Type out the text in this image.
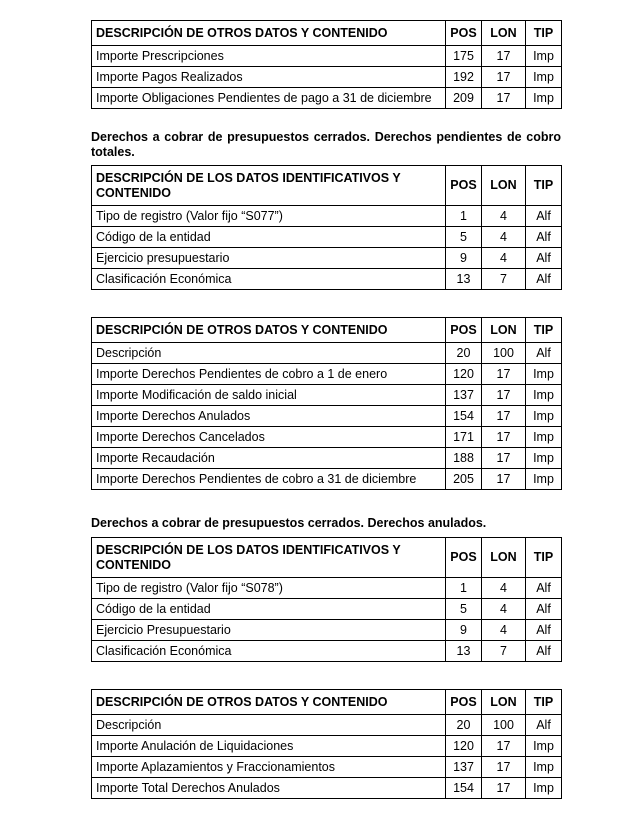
DESCRIPCIÓN DE OTROS DATOS Y CONTENIDO	POS	LON	TIP
Importe Prescripciones	175	17	Imp
Importe Pagos Realizados	192	17	Imp
Importe Obligaciones Pendientes de pago a 31 de diciembre	209	17	Imp
Derechos a cobrar de presupuestos cerrados. Derechos pendientes de cobro totales.
DESCRIPCIÓN DE LOS DATOS IDENTIFICATIVOS Y CONTENIDO	POS	LON	TIP
Tipo de registro (Valor fijo “S077”)	1	4	Alf
Código de la entidad	5	4	Alf
Ejercicio presupuestario	9	4	Alf
Clasificación Económica	13	7	Alf
DESCRIPCIÓN DE OTROS DATOS Y CONTENIDO	POS	LON	TIP
Descripción	20	100	Alf
Importe Derechos Pendientes de cobro a 1 de enero	120	17	Imp
Importe Modificación de saldo inicial	137	17	Imp
Importe Derechos Anulados	154	17	Imp
Importe Derechos Cancelados	171	17	Imp
Importe Recaudación	188	17	Imp
Importe Derechos Pendientes de cobro a 31 de diciembre	205	17	Imp
Derechos a cobrar de presupuestos cerrados. Derechos anulados.
DESCRIPCIÓN DE LOS DATOS IDENTIFICATIVOS Y CONTENIDO	POS	LON	TIP
Tipo de registro (Valor fijo “S078”)	1	4	Alf
Código de la entidad	5	4	Alf
Ejercicio Presupuestario	9	4	Alf
Clasificación Económica	13	7	Alf
DESCRIPCIÓN DE OTROS DATOS Y CONTENIDO	POS	LON	TIP
Descripción	20	100	Alf
Importe Anulación de Liquidaciones	120	17	Imp
Importe Aplazamientos y Fraccionamientos	137	17	Imp
Importe Total Derechos Anulados	154	17	Imp
